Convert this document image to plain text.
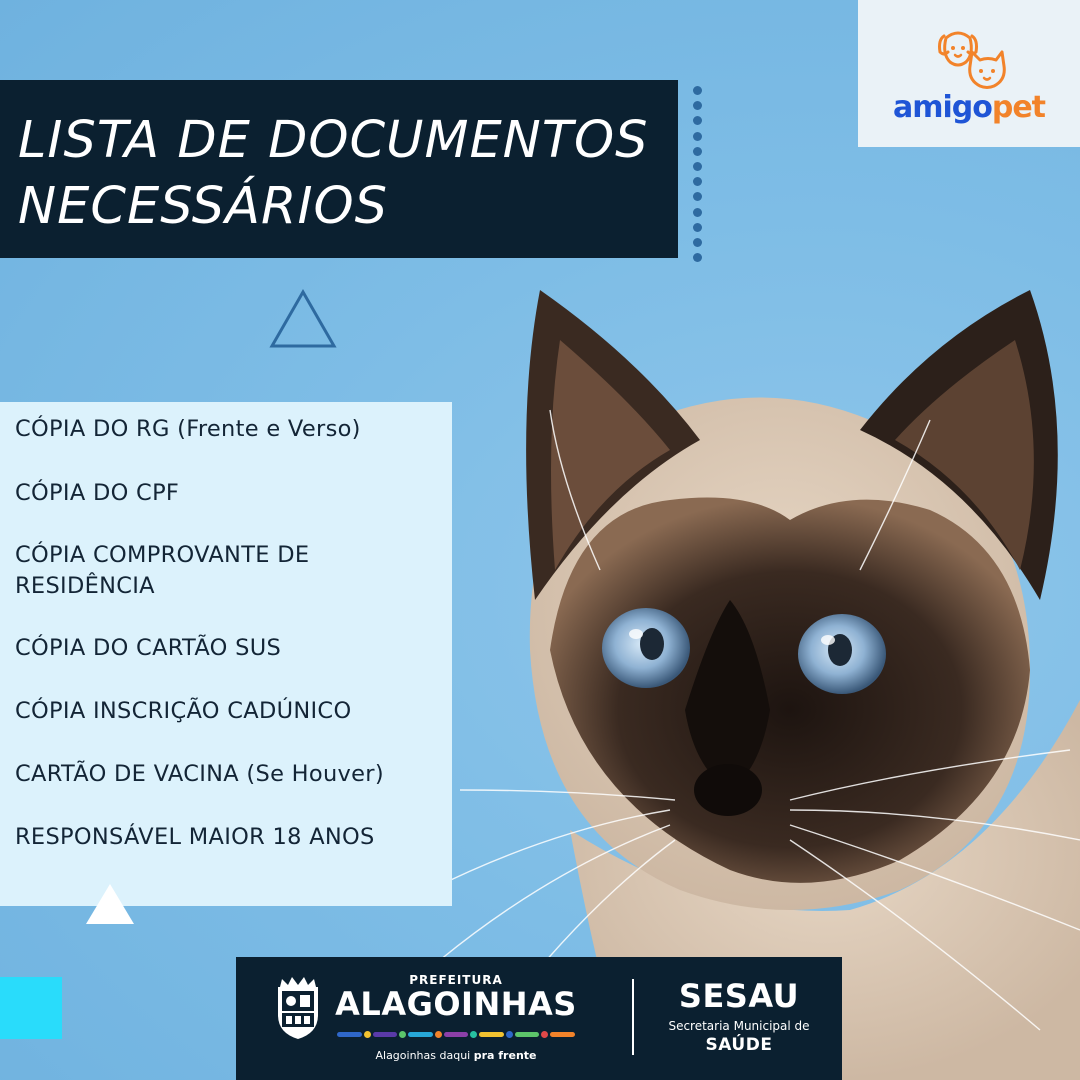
LISTA DE DOCUMENTOS
NECESSÁRIOS
amigopet
CÓPIA DO RG (Frente e Verso)
CÓPIA DO CPF
CÓPIA COMPROVANTE DE RESIDÊNCIA
CÓPIA DO CARTÃO SUS
CÓPIA INSCRIÇÃO CADÚNICO
CARTÃO DE VACINA (Se Houver)
RESPONSÁVEL MAIOR 18 ANOS
PREFEITURA
ALAGOINHAS
Alagoinhas daqui pra frente
SESAU
Secretaria Municipal de
SAÚDE
